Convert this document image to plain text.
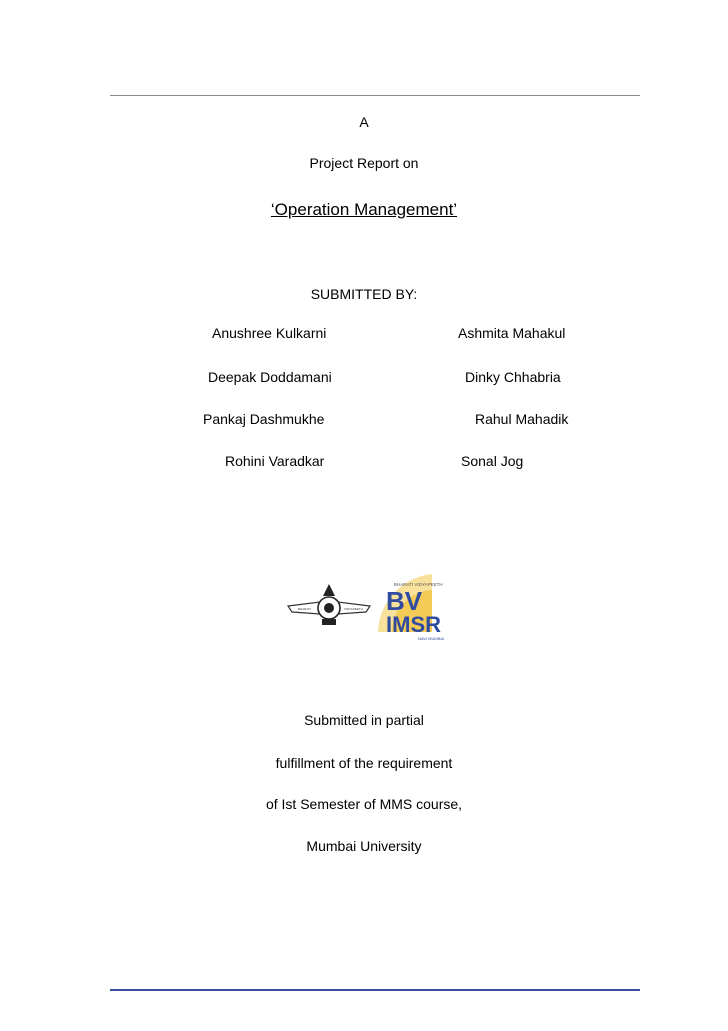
A
Project Report on
‘Operation Management’
SUBMITTED BY:
Anushree Kulkarni
Deepak Doddamani
Pankaj Dashmukhe
Rohini Varadkar
Ashmita Mahakul
Dinky Chhabria
Rahul Mahadik
Sonal Jog
BHARATI	VIDYAPEETH
BHARATI VIDYAPEETH
BV
IMSR
NAVI MUMBAI
Submitted in partial
fulfillment of the requirement
of Ist Semester of MMS course,
Mumbai University
